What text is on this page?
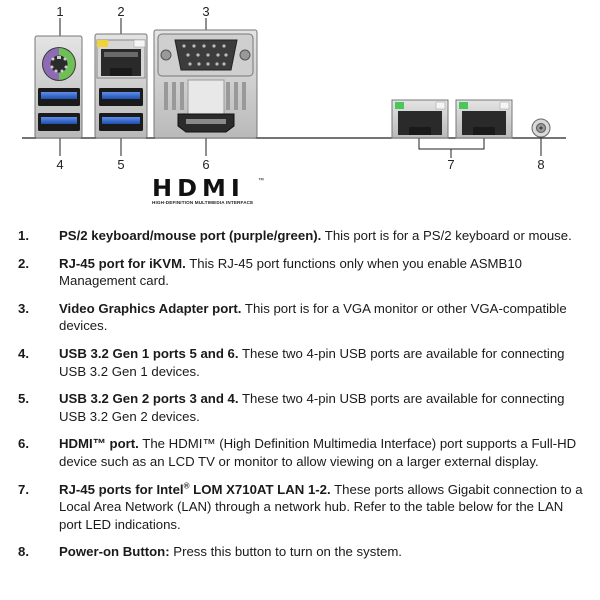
1	2	3
4	5	6	7	8
HDMI ™
HIGH-DEFINITION MULTIMEDIA INTERFACE
1. PS/2 keyboard/mouse port (purple/green). This port is for a PS/2 keyboard or mouse.
2. RJ-45 port for iKVM. This RJ-45 port functions only when you enable ASMB10 Management card.
3. Video Graphics Adapter port. This port is for a VGA monitor or other VGA-compatible devices.
4. USB 3.2 Gen 1 ports 5 and 6. These two 4-pin USB ports are available for connecting USB 3.2 Gen 1 devices.
5. USB 3.2 Gen 2 ports 3 and 4. These two 4-pin USB ports are available for connecting USB 3.2 Gen 2 devices.
6. HDMI™ port. The HDMI™ (High Definition Multimedia Interface) port supports a Full-HD device such as an LCD TV or monitor to allow viewing on a larger external display.
7. RJ-45 ports for Intel® LOM X710AT LAN 1-2. These ports allows Gigabit connection to a Local Area Network (LAN) through a network hub. Refer to the table below for the LAN port LED indications.
8. Power-on Button: Press this button to turn on the system.
